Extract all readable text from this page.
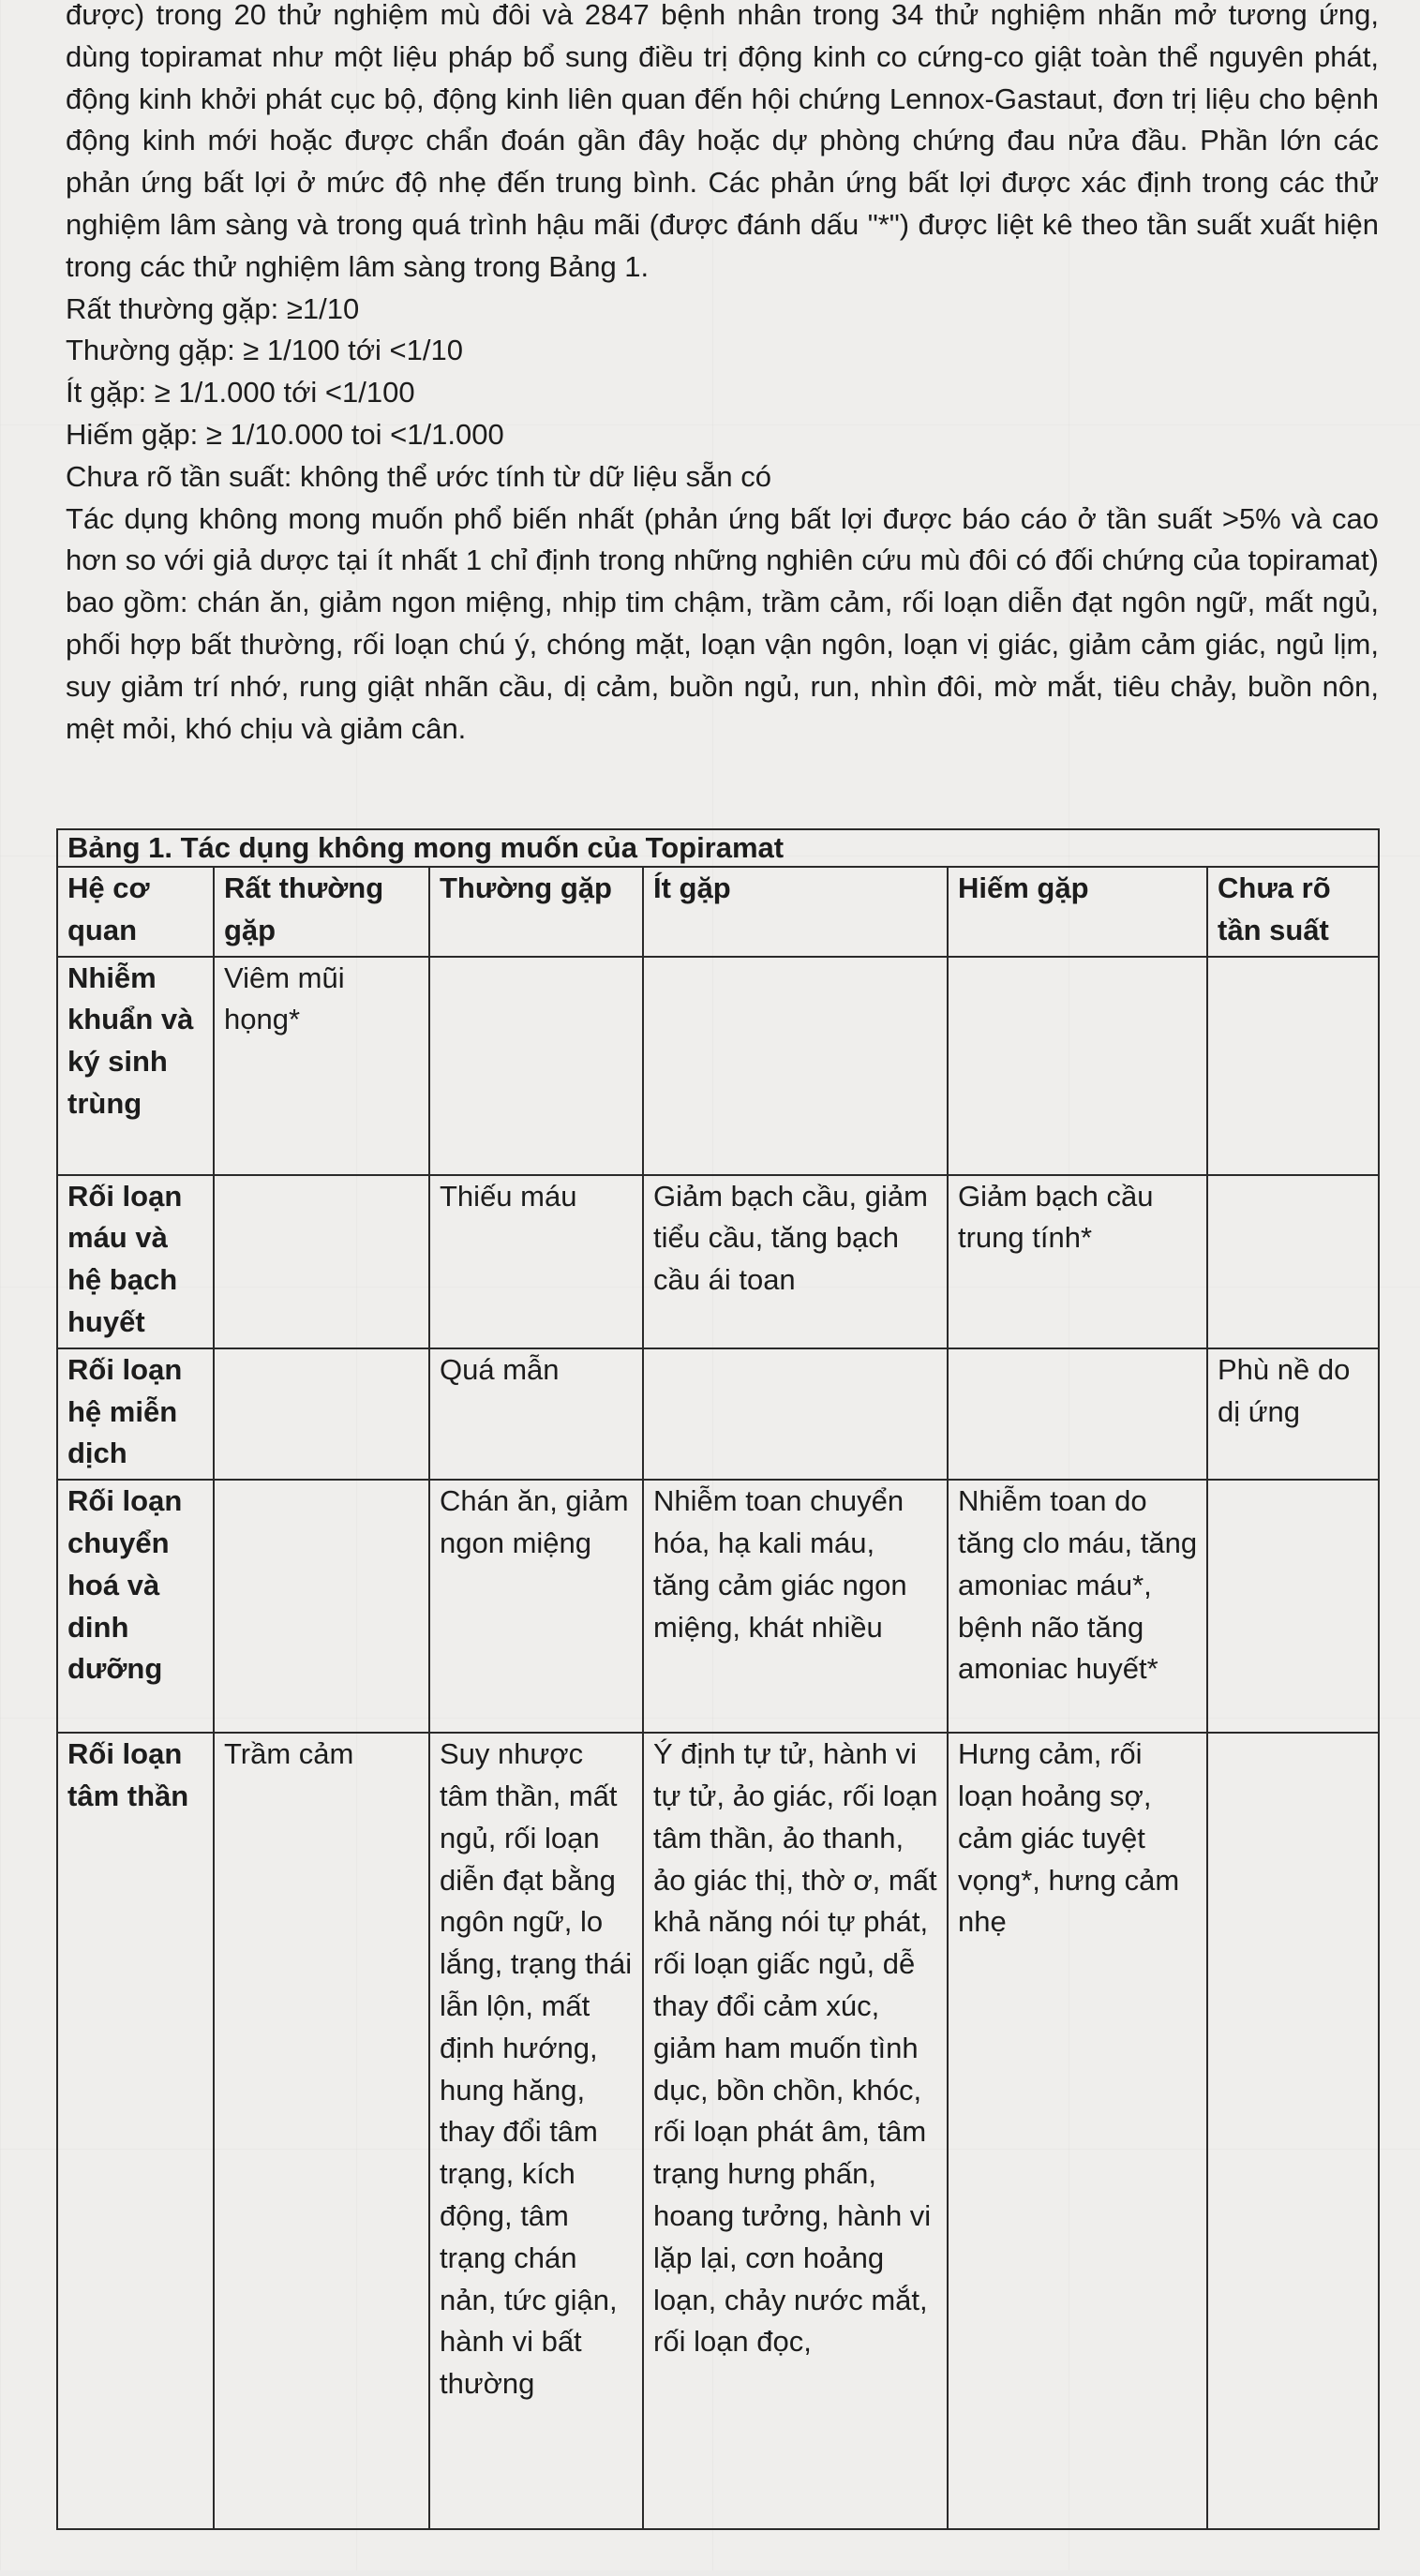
được) trong 20 thử nghiệm mù đôi và 2847 bệnh nhân trong 34 thử nghiệm nhãn mở tương ứng, dùng topiramat như một liệu pháp bổ sung điều trị động kinh co cứng-co giật toàn thể nguyên phát, động kinh khởi phát cục bộ, động kinh liên quan đến hội chứng Lennox-Gastaut, đơn trị liệu cho bệnh động kinh mới hoặc được chẩn đoán gần đây hoặc dự phòng chứng đau nửa đầu. Phần lớn các phản ứng bất lợi ở mức độ nhẹ đến trung bình. Các phản ứng bất lợi được xác định trong các thử nghiệm lâm sàng và trong quá trình hậu mãi (được đánh dấu "*") được liệt kê theo tần suất xuất hiện trong các thử nghiệm lâm sàng trong Bảng 1.

Rất thường gặp: ≥1/10

Thường gặp: ≥ 1/100 tới <1/10

Ít gặp: ≥ 1/1.000 tới <1/100

Hiếm gặp: ≥ 1/10.000 toi <1/1.000

Chưa rõ tần suất: không thể ước tính từ dữ liệu sẵn có

Tác dụng không mong muốn phổ biến nhất (phản ứng bất lợi được báo cáo ở tần suất >5% và cao hơn so với giả dược tại ít nhất 1 chỉ định trong những nghiên cứu mù đôi có đối chứng của topiramat) bao gồm: chán ăn, giảm ngon miệng, nhịp tim chậm, trầm cảm, rối loạn diễn đạt ngôn ngữ, mất ngủ, phối hợp bất thường, rối loạn chú ý, chóng mặt, loạn vận ngôn, loạn vị giác, giảm cảm giác, ngủ lịm, suy giảm trí nhớ, rung giật nhãn cầu, dị cảm, buồn ngủ, run, nhìn đôi, mờ mắt, tiêu chảy, buồn nôn, mệt mỏi, khó chịu và giảm cân.

Bảng 1. Tác dụng không mong muốn của Topiramat					
Hệ cơ quan	Rất thường gặp	Thường gặp	Ít gặp	Hiếm gặp	Chưa rõ tần suất
Nhiễm khuẩn và ký sinh trùng	Viêm mũi họng*				
Rối loạn máu và hệ bạch huyết		Thiếu máu	Giảm bạch cầu, giảm tiểu cầu, tăng bạch cầu ái toan	Giảm bạch cầu trung tính*	
Rối loạn hệ miễn dịch		Quá mẫn			Phù nề do dị ứng
Rối loạn chuyển hoá và dinh dưỡng		Chán ăn, giảm ngon miệng	Nhiễm toan chuyển hóa, hạ kali máu, tăng cảm giác ngon miệng, khát nhiều	Nhiễm toan do tăng clo máu, tăng amoniac máu*, bệnh não tăng amoniac huyết*	
Rối loạn tâm thần	Trầm cảm	Suy nhược tâm thần, mất ngủ, rối loạn diễn đạt bằng ngôn ngữ, lo lắng, trạng thái lẫn lộn, mất định hướng, hung hăng, thay đổi tâm trạng, kích động, tâm trạng chán nản, tức giận, hành vi bất thường	Ý định tự tử, hành vi tự tử, ảo giác, rối loạn tâm thần, ảo thanh, ảo giác thị, thờ ơ, mất khả năng nói tự phát, rối loạn giấc ngủ, dễ thay đổi cảm xúc, giảm ham muốn tình dục, bồn chồn, khóc, rối loạn phát âm, tâm trạng hưng phấn, hoang tưởng, hành vi lặp lại, cơn hoảng loạn, chảy nước mắt, rối loạn đọc,	Hưng cảm, rối loạn hoảng sợ, cảm giác tuyệt vọng*, hưng cảm nhẹ	
